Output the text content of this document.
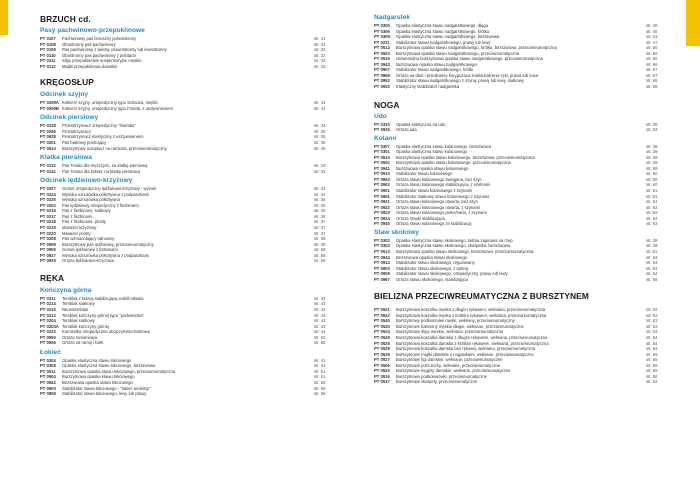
BRZUCH cd.
Pasy pachwinowo-przepuklinowe
PT 0107	Pachwinowy pas brzuszny jednostronny	str. 31
PT 0108	Obustronny pas pachwinowy	str. 31
PT 0109	Pas pachwinowy z pelotą, prawostronny lub lewostronny	str. 32
PT 0110	Obustronny pas pachwinowy z pelotami	str. 32
PT 0111	Slipy przepuklinowe suspensoryjne męskie	str. 33
PT 0112	Majtki przepuklinowe damskie	str. 33
KRĘGOSŁUP
Odcinek szyjny
PT 0209A Kołnierz szyjny, ortopedyczny typu Schanza, miękki	str. 44
PT 0209B Kołnierz szyjny, ortopedyczny typu Florida, z usztywnieniem	str. 44
Odcinek piersiowy
PT 0228	Prostotrzymacz ortopedyczny "ósemka"	str. 34
PT 0206	Prostotrzymacz	str. 35
PT 0928	Prostotrzymacz elastyczny z usztywnieniem	str. 35
PT 0201	Pas barkowy prostujący	str. 35
PT 0514	Burszytnowy ocieplacz na ramiona, przeciwreumatyczny	str. 46
Klatka piersiowa
PT 0113	Pas Torako dla mężczyzn, na klatkę piersiową	str. 33
PT 0114	Pas Torako dla kobiet, na klatkę piersiową	str. 33
Odcinek lędźwiowo-krzyżowy
PT 0207	Gorset ortopedyczny lędźwiowo-krzyżowy - wysoki	str. 34
PT 0224	Wysoka sznurówka półsztywna z podpaszkami	str. 34
PT 0225	Wysoka sznurówka półsztywna	str. 35
PT 0202	Pas lędźwiowy ortopedyczny z fiszbinami	str. 36
PT 0216	Pas z fiszbinami, siatkowy	str. 36
PT 0217	Pas z fiszbinami	str. 36
PT 0218	Pas z fiszbinami, prosty	str. 37
PT 0219	Masażer krzyżowy	str. 37
PT 0220	Masażer prosty	str. 37
PT 0208	Pas wzmacniający odnowny	str. 38
PT 0508	Burszytnowy pas lędźwiowy, przeciwreumatyczny	str. 48
PT 0906	Gorset lędźwiowy z fiszbinami	str. 58
PT 0927	Wysoka sznurówka półsztywna z podpaszkami	str. 58
PT 0929	Ortoza lędźwiowo-krzyżowa	str. 59
RĘKA
Kończyna górna
PT 0311	Temblak z taśmą stabilizującą wokół tułowia	str. 42
PT 0214	Temblak siatkowy	str. 42
PT 0215	Neurotemblak	str. 42
PT 0212	Temblak kończyny górnej typu "podwieszka"	str. 43
PT 0204	Temblak siatkowy	str. 43
PT 0204A Temblak kończyny górnej	str. 43
PT 0222	Kamizelka ortopedyczna obojczykowo-barkowa	str. 44
PT 0950	Ortoza ramieniowa	str. 63
PT 0926	Ortoza na ramię i bark	str. 65
Łokieć
PT 0304	Opaska elastyczna stawu łokciowego	str. 41
PT 0308	Opaska elastyczna stawu łokciowego, bezszwowa	str. 41
PT 0511	Burszytnowa opaska stawu łokciowego, przeciwreumatyczna	str. 51
PT 0504	Burszytnowa opaska stawu łokciowego	str. 51
PT 0942	Bezszwowa opaska stawu łokciowego	str. 66
PT 0903	Stabilizator stawu łokciowego - "łokieć tenisisty"	str. 66
PT 0908	Stabilizator stawu łokciowego, lewy lub prawy	str. 66
Nadgarstek
PT 0305	Opaska elastyczna stawu nadgarstkowego, długa	str. 40
PT 0306	Opaska elastyczna stawu nadgarstkowego, krótka	str. 40
PT 0309	Opaska elastyczna stawu nadgarstkowego, bezszwowa	str. 41
PT 0221	Stabilizator stawu nadgarstkowego, prawy lub lewy	str. 47
PT 0512	Burszytnowa opaska stawu nadgarstkowego, krótka, bezszwowa, przeciwreumatyczna	str. 50
PT 0503	Burszytnowa opaska stawu nadgarstkowego, przeciwreumatyczna	str. 50
PT 0515	Uniwersalna burszytnowa opaska stawu nadgarstkowego, przeciwreumatyczna	str. 50
PT 0943	Bezszwowa opaska stawu nadgarstkowego	str. 66
PT 0907	Stabilizator stawu nadgarstkowego, krótki	str. 67
PT 0968	Ortoza na dłoń i przedramię koryguząca zniekształcenie ręki, prawa lub lewa	str. 67
PT 0952	Stabilizator stawu nadgarstkowego z szyną, prawy lub lewy, siatkowy	str. 68
PT 0920	Elastyczny stabilizator nadgarstka	str. 68
NOGA
Udo
PT 0310	Opaska elastyczna na udo	str. 38
PT 0925	Ortoza uda	str. 63
Kolano
PT 0307	Opaska elastyczna stawu kolanowego, bezszwowa	str. 38
PT 0301	Opaska elastyczna stawu kolanowego	str. 39
PT 0510	Burszytnowa opaska stawu kolanowego, bezszwowa, przeciwreumatyczna	str. 49
PT 0502	Burszytnowa opaska stawu kolanowego, przeciwreumatyczna	str. 49
PT 0941	Bezszwowa opaska stawu kolanowego	str. 59
PT 0910	Stabilizator stawu kolanowego	str. 60
PT 0963	Ortoza stawu kolanowego zwiagana, bez szyn	str. 60
PT 0962	Ortoza stawu kolanowego stabilizująca, z szelnami	str. 60
PT 0901	Stabilizator stawu kolanowego z szynami	str. 61
PT 0951	Stabilizator siatkowy stawu kolanowego z szynami	str. 61
PT 0921	Ortoza stawu kolanowego otwarta, bez szyn	str. 61
PT 0922	Ortoza stawu kolanowego otwarta, z szynami	str. 62
PT 0923	Ortoza stawu kolanowego pełna/varia, z szynami	str. 62
PT 0924	Ortoza rzepki stabilizująca	str. 62
PT 0945	Ortoza stawu kolanowego ze stabilizacją	str. 63
Staw skokowy
PT 0302	Opaska elastyczna stawu skokowego, taśma zapinana na rzep	str. 39
PT 0303	Opaska elastyczna stawu skokowego, skarpetka, bezszwowa	str. 39
PT 0513	Burszytnowa opaska stawu skokowego, bezszwowa, przeciwreumatyczna	str. 51
PT 0944	Bezszwowa opaska stawu skokowego	str. 63
PT 0914	Stabilizator stawu skokowego, regulowany	str. 64
PT 0902	Stabilizator stawu skokowego, z taśmą	str. 64
PT 0909	Stabilizator stawu skokowego, ortopedyczny, prawy lub lewy	str. 64
PT 0967	Ortoza stawu skokowego, stabilizująca	str. 65
BIELIZNA PRZECIWREUMATYCZNA Z BURSZTYNEM
PT 0521	Burszytnowa koszulka męska z długim rękawem, wełniana, przeciwreumatyczna	str. 52
PT 0522	Burszytnowa koszulka męska z krótkim rękawem, wełniana, przeciwreumatyczna	str. 52
PT 0540	Burszytnowy podkoszulek męski, wełniany, przeciwreumatyczny	str. 53
PT 0520	Burszytnowe kalesony męskie długie, wełniane, przeciwreumatyczne	str. 53
PT 0524	Burszytnowe slipy męskie, wełniane, przeciwreumatyczne	str. 53
PT 0528	Burszytnowa koszulka damska z długim rękawem, wełniana, przeciwreumatyczna	str. 54
PT 0525	Burszytnowa koszulka damska z krótkim rękawem, wełniana, przeciwreumatyczna	str. 54
PT 0529	Burszytnowa koszulka damska bez rękawa, wełniana, przeciwreumatyczna	str. 54
PT 0526	Burszytnowe majtki damskie z nogawkami, wełniane, przeciwreumatyczne	str. 55
PT 0527	Burszytnowe figi damskie, wełniane, przeciwreumatyczne	str. 55
PT 0506	Burszytnowe pończochy, wełniane, przeciwreumatyczne	str. 55
PT 0520	Burszytnowe legginy damskie, wełniane, przeciwreumatyczne	str. 56
PT 0516	Burszytnowe podkolanówki, przeciwreumatyczne	str. 56
PT 0517	Burszytnowe skarpety, przeciwreumatyczne	str. 52
